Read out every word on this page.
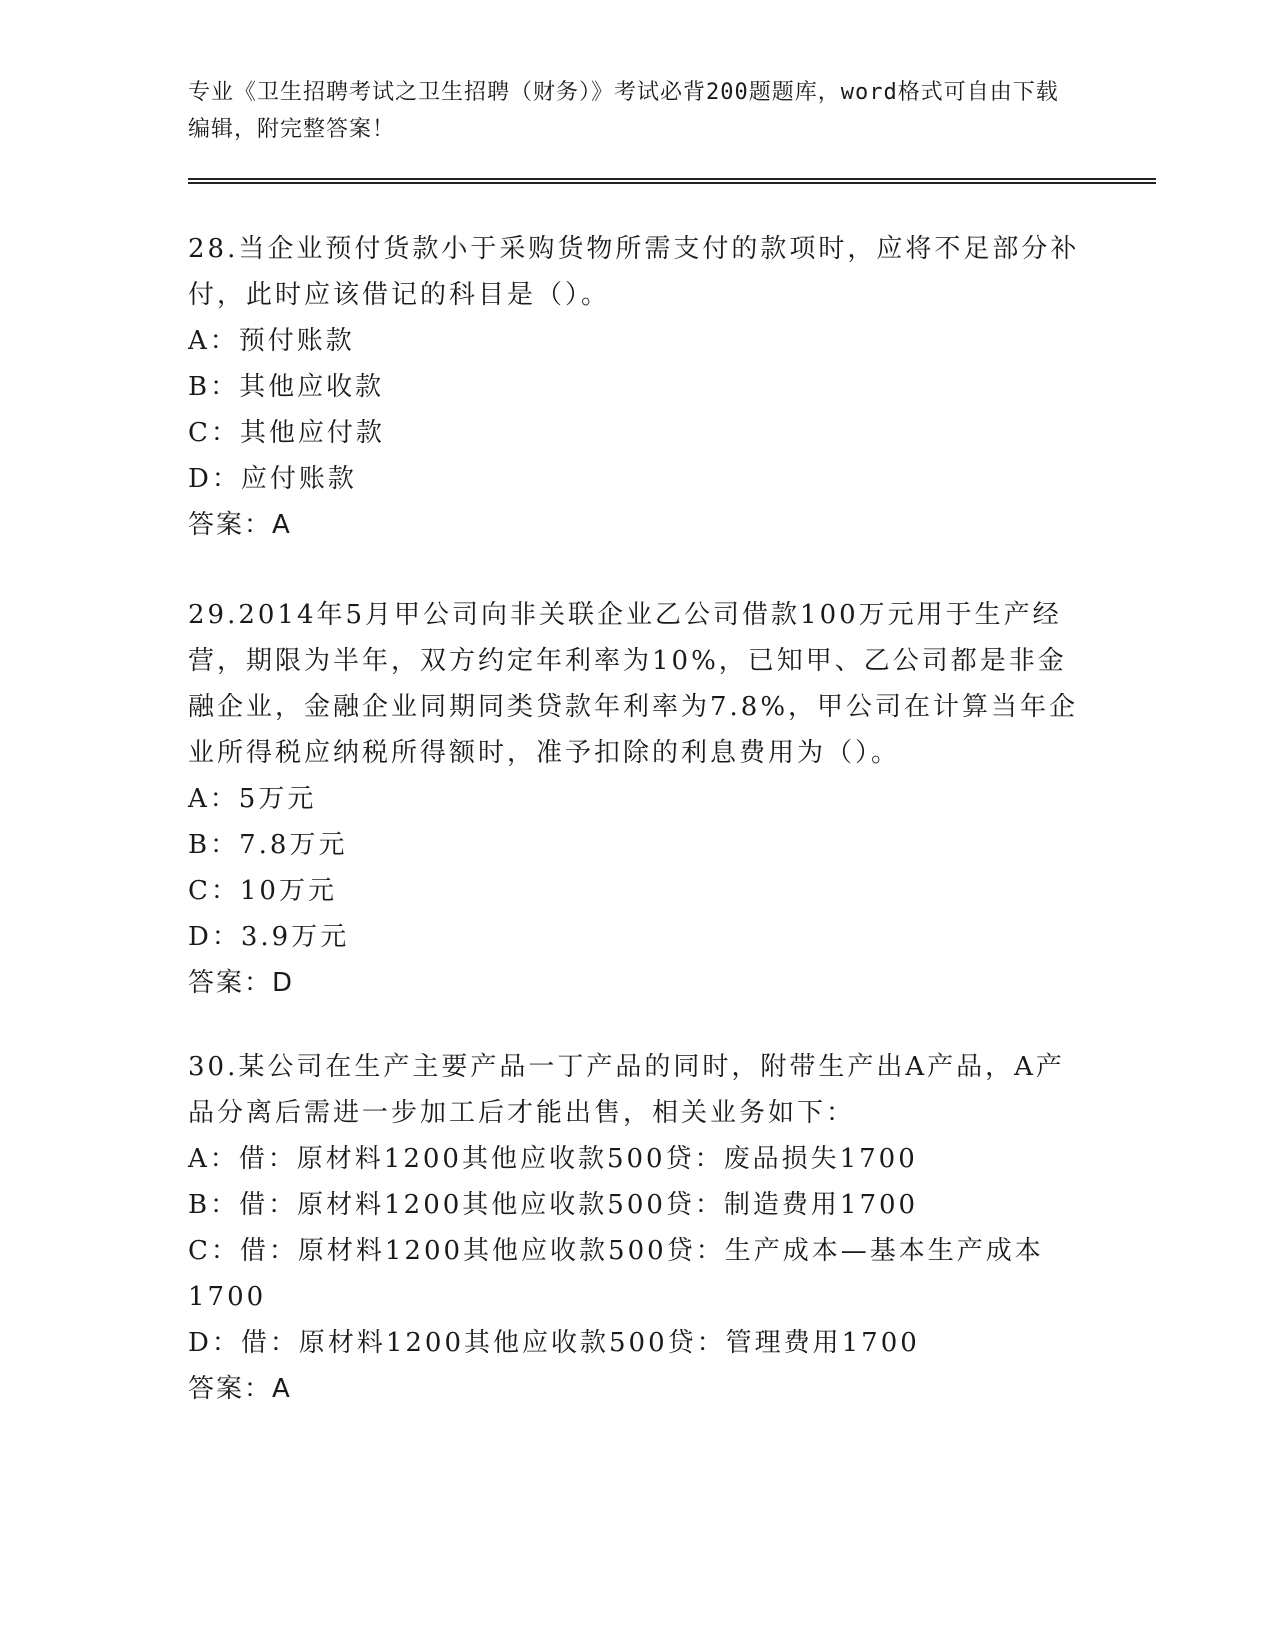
专业《卫生招聘考试之卫生招聘（财务）》考试必背200题题库，word格式可自由下载编辑，附完整答案！

28.当企业预付货款小于采购货物所需支付的款项时，应将不足部分补付，此时应该借记的科目是（）。

A：预付账款

B：其他应收款

C：其他应付款

D：应付账款

答案：A

29.2014年5月甲公司向非关联企业乙公司借款100万元用于生产经营，期限为半年，双方约定年利率为10%，已知甲、乙公司都是非金融企业，金融企业同期同类贷款年利率为7.8%，甲公司在计算当年企业所得税应纳税所得额时，准予扣除的利息费用为（）。

A：5万元

B：7.8万元

C：10万元

D：3.9万元

答案：D

30.某公司在生产主要产品一丁产品的同时，附带生产出A产品，A产品分离后需进一步加工后才能出售，相关业务如下：

A：借：原材料1200其他应收款500贷：废品损失1700

B：借：原材料1200其他应收款500贷：制造费用1700

C：借：原材料1200其他应收款500贷：生产成本—基本生产成本1700

D：借：原材料1200其他应收款500贷：管理费用1700

答案：A
